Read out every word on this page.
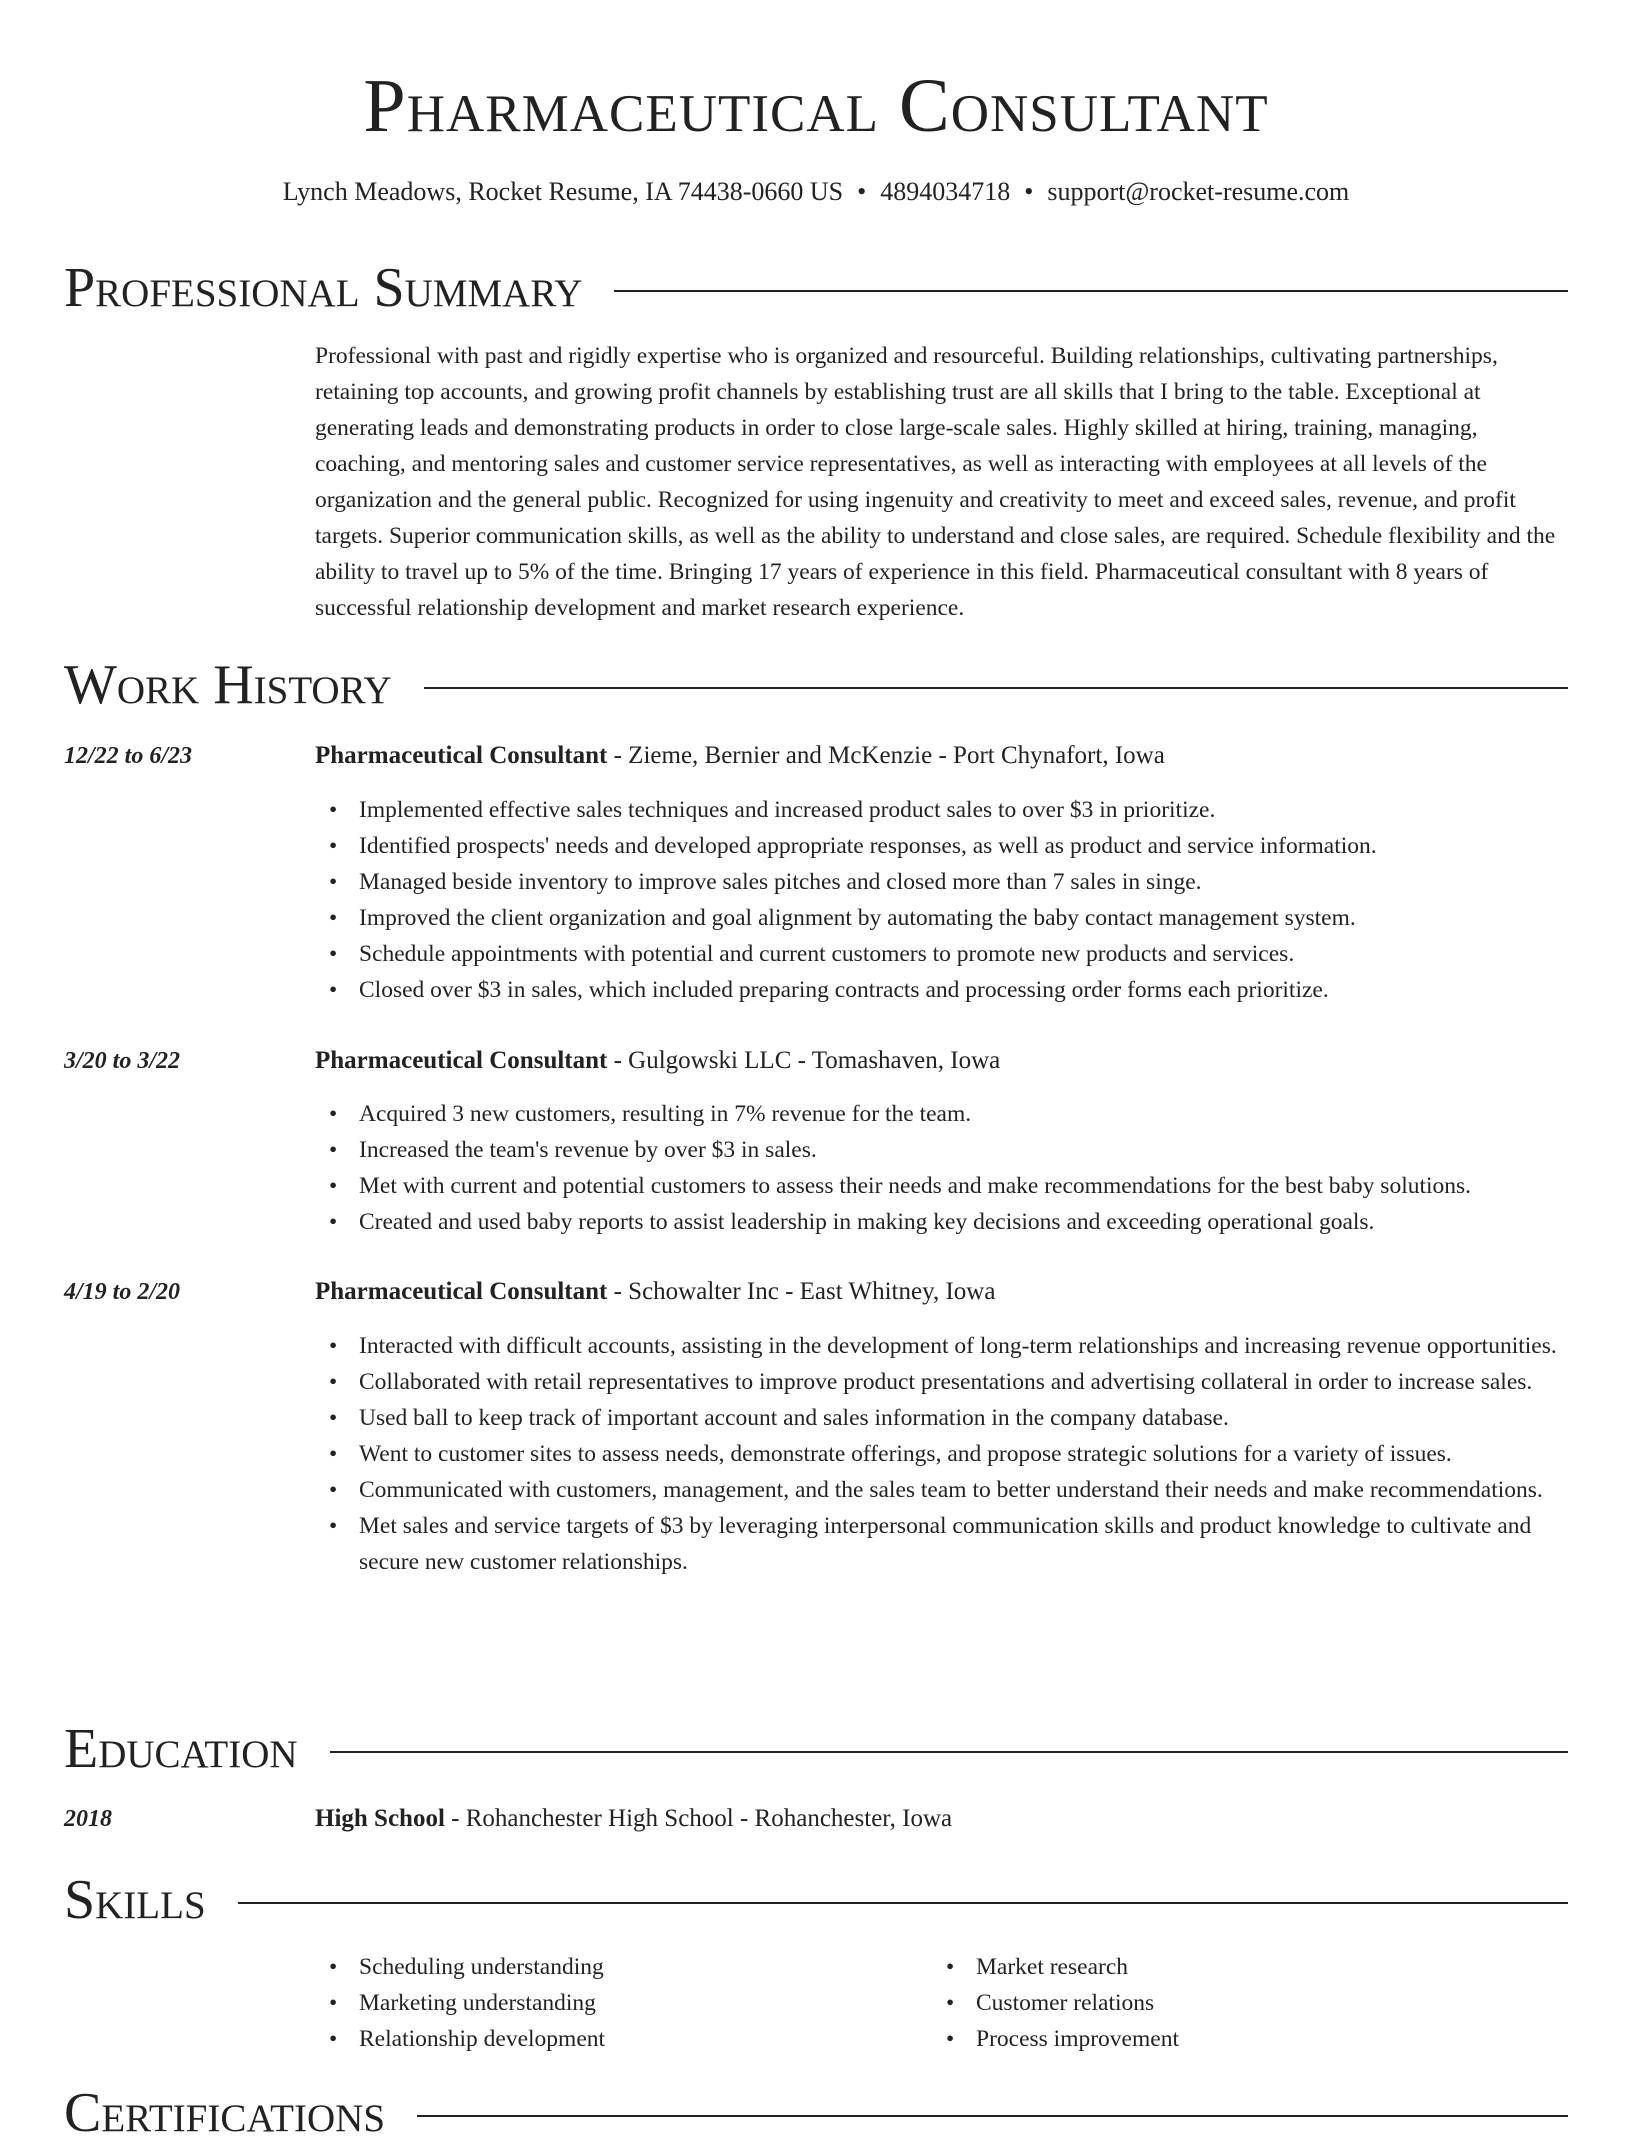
Pharmaceutical Consultant
Lynch Meadows, Rocket Resume, IA 74438-0660 US • 4894034718 • support@rocket-resume.com
Professional Summary
Professional with past and rigidly expertise who is organized and resourceful. Building relationships, cultivating partnerships, retaining top accounts, and growing profit channels by establishing trust are all skills that I bring to the table. Exceptional at generating leads and demonstrating products in order to close large-scale sales. Highly skilled at hiring, training, managing, coaching, and mentoring sales and customer service representatives, as well as interacting with employees at all levels of the organization and the general public. Recognized for using ingenuity and creativity to meet and exceed sales, revenue, and profit targets. Superior communication skills, as well as the ability to understand and close sales, are required. Schedule flexibility and the ability to travel up to 5% of the time. Bringing 17 years of experience in this field. Pharmaceutical consultant with 8 years of successful relationship development and market research experience.
Work History
12/22 to 6/23	Pharmaceutical Consultant - Zieme, Bernier and McKenzie - Port Chynafort, Iowa
• Implemented effective sales techniques and increased product sales to over $3 in prioritize.
• Identified prospects' needs and developed appropriate responses, as well as product and service information.
• Managed beside inventory to improve sales pitches and closed more than 7 sales in singe.
• Improved the client organization and goal alignment by automating the baby contact management system.
• Schedule appointments with potential and current customers to promote new products and services.
• Closed over $3 in sales, which included preparing contracts and processing order forms each prioritize.
3/20 to 3/22	Pharmaceutical Consultant - Gulgowski LLC - Tomashaven, Iowa
• Acquired 3 new customers, resulting in 7% revenue for the team.
• Increased the team's revenue by over $3 in sales.
• Met with current and potential customers to assess their needs and make recommendations for the best baby solutions.
• Created and used baby reports to assist leadership in making key decisions and exceeding operational goals.
4/19 to 2/20	Pharmaceutical Consultant - Schowalter Inc - East Whitney, Iowa
• Interacted with difficult accounts, assisting in the development of long-term relationships and increasing revenue opportunities.
• Collaborated with retail representatives to improve product presentations and advertising collateral in order to increase sales.
• Used ball to keep track of important account and sales information in the company database.
• Went to customer sites to assess needs, demonstrate offerings, and propose strategic solutions for a variety of issues.
• Communicated with customers, management, and the sales team to better understand their needs and make recommendations.
• Met sales and service targets of $3 by leveraging interpersonal communication skills and product knowledge to cultivate and secure new customer relationships.
Education
2018	High School - Rohanchester High School - Rohanchester, Iowa
Skills
• Scheduling understanding
• Marketing understanding
• Relationship development
• Market research
• Customer relations
• Process improvement
Certifications
